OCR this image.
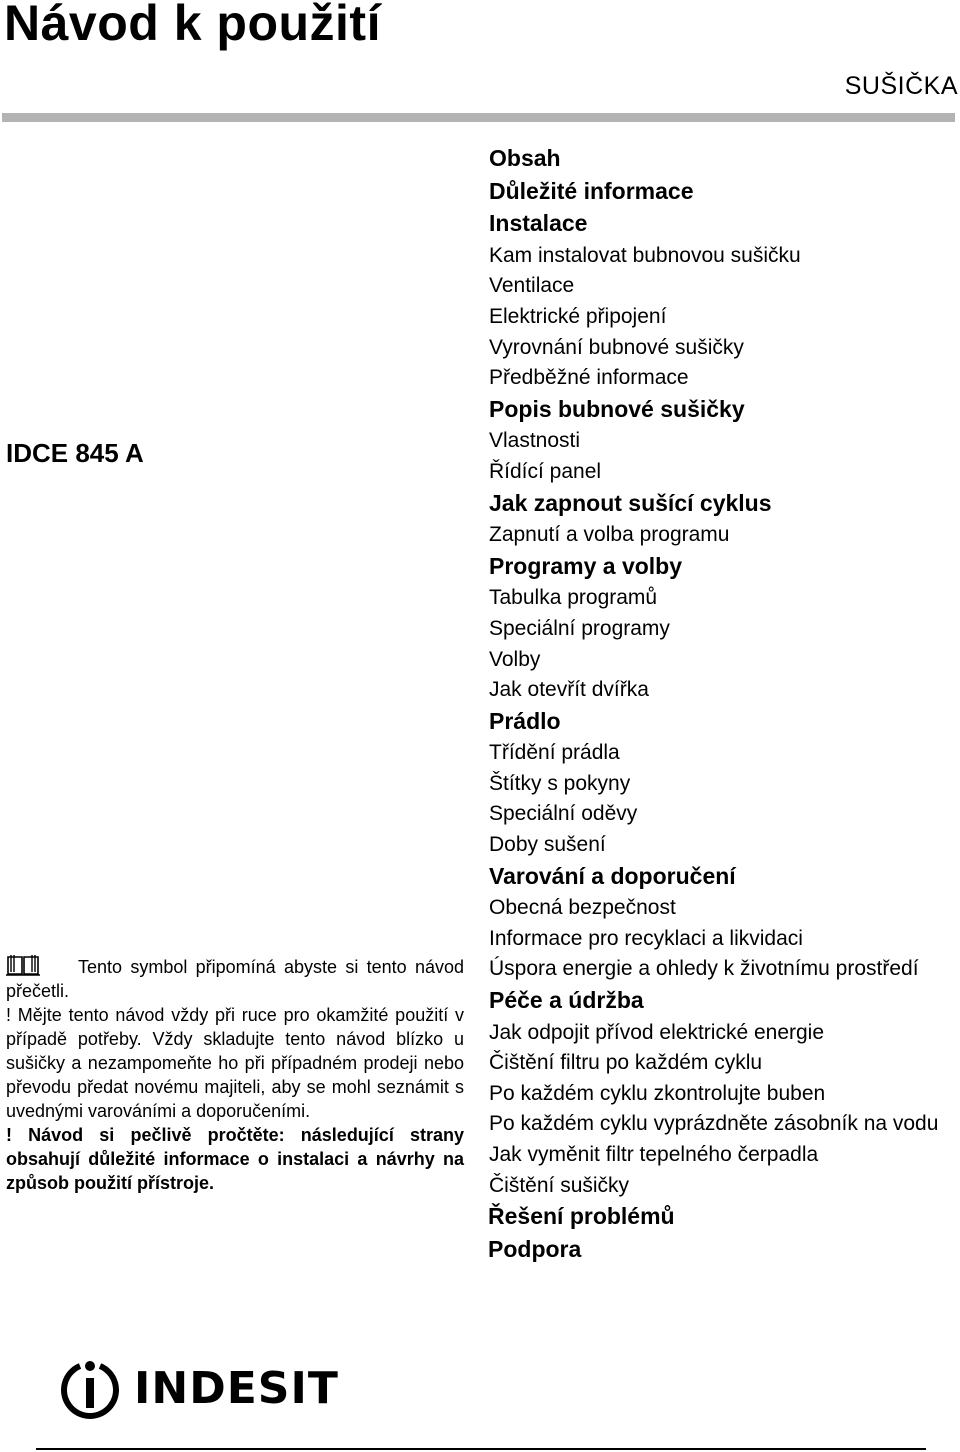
Návod k použití
SUŠIČKA
IDCE 845 A

Tento symbol připomíná abyste si tento návod přečetli.

! Mějte tento návod vždy při ruce pro okamžité použití v případě potřeby. Vždy skladujte tento návod blízko u sušičky a nezampomeňte ho při případném prodeji nebo převodu předat novému majiteli, aby se mohl seznámit s uvednými varováními a doporučeními.

! Návod si pečlivě pročtěte: následující strany obsahují důležité informace o instalaci a návrhy na způsob použití přístroje.

Obsah
Důležité informace
Instalace
Kam instalovat bubnovou sušičku
Ventilace
Elektrické připojení
Vyrovnání bubnové sušičky
Předběžné informace
Popis bubnové sušičky
Vlastnosti
Řídící panel
Jak zapnout sušící cyklus
Zapnutí a volba programu
Programy a volby
Tabulka programů
Speciální programy
Volby
Jak otevřít dvířka
Prádlo
Třídění prádla
Štítky s pokyny
Speciální oděvy
Doby sušení
Varování a doporučení
Obecná bezpečnost
Informace pro recyklaci a likvidaci
Úspora energie a ohledy k životnímu prostředí
Péče a údržba
Jak odpojit přívod elektrické energie
Čištění filtru po každém cyklu
Po každém cyklu zkontrolujte buben
Po každém cyklu vyprázdněte zásobník na vodu
Jak vyměnit filtr tepelného čerpadla
Čištění sušičky
Řešení problémů
Podpora
INDESIT
